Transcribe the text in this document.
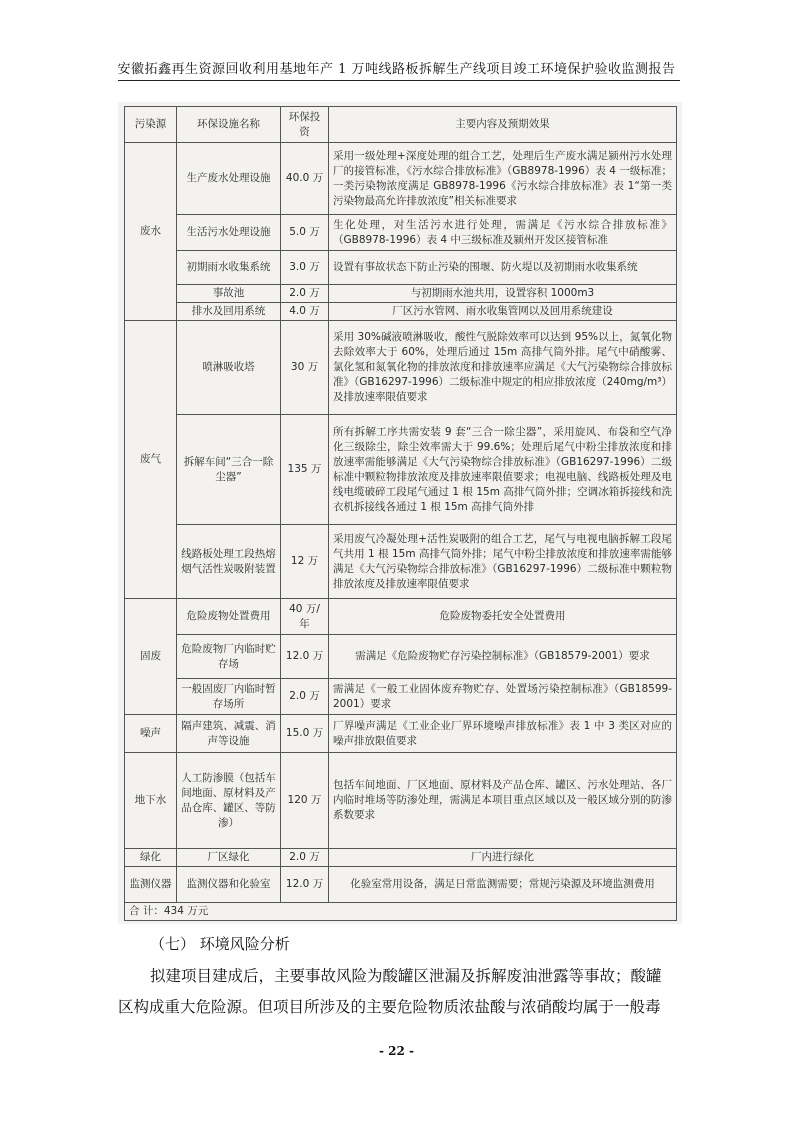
安徽拓鑫再生资源回收利用基地年产 1 万吨线路板拆解生产线项目竣工环境保护验收监测报告
污染源	环保设施名称	环保投资	主要内容及预期效果
废水	生产废水处理设施	40.0 万	采用一级处理+深度处理的组合工艺，处理后生产废水满足颍州污水处理厂的接管标准，《污水综合排放标准》（GB8978-1996）表 4 一级标准；一类污染物浓度满足 GB8978-1996《污水综合排放标准》表 1“第一类污染物最高允许排放浓度”相关标准要求
	生活污水处理设施	5.0 万	生化处理，对生活污水进行处理，需满足《污水综合排放标准》（GB8978-1996）表 4 中三级标准及颍州开发区接管标准
	初期雨水收集系统	3.0 万	设置有事故状态下防止污染的围堰、防火堤以及初期雨水收集系统
	事故池	2.0 万	与初期雨水池共用，设置容积 1000m3
	排水及回用系统	4.0 万	厂区污水管网、雨水收集管网以及回用系统建设
废气	喷淋吸收塔	30 万	采用 30%碱液喷淋吸收，酸性气脱除效率可以达到 95%以上，氮氧化物去除效率大于 60%，处理后通过 15m 高排气筒外排。尾气中硝酸雾、氯化氢和氮氧化物的排放浓度和排放速率应满足《大气污染物综合排放标准》（GB16297-1996）二级标准中规定的相应排放浓度（240mg/m³）及排放速率限值要求
	拆解车间“三合一除尘器”	135 万	所有拆解工序共需安装 9 套“三合一除尘器”，采用旋风、布袋和空气净化三级除尘，除尘效率需大于 99.6%；处理后尾气中粉尘排放浓度和排放速率需能够满足《大气污染物综合排放标准》（GB16297-1996）二级标准中颗粒物排放浓度及排放速率限值要求；电视电脑、线路板处理及电线电缆破碎工段尾气通过 1 根 15m 高排气筒外排；空调冰箱拆接线和洗衣机拆接线各通过 1 根 15m 高排气筒外排
	线路板处理工段热熔烟气活性炭吸附装置	12 万	采用废气冷凝处理+活性炭吸附的组合工艺，尾气与电视电脑拆解工段尾气共用 1 根 15m 高排气筒外排；尾气中粉尘排放浓度和排放速率需能够满足《大气污染物综合排放标准》（GB16297-1996）二级标准中颗粒物排放浓度及排放速率限值要求
固废	危险废物处置费用	40 万/年	危险废物委托安全处置费用
	危险废物厂内临时贮存场	12.0 万	需满足《危险废物贮存污染控制标准》（GB18579-2001）要求
	一般固废厂内临时暂存场所	2.0 万	需满足《一般工业固体废弃物贮存、处置场污染控制标准》（GB18599-2001）要求
噪声	隔声建筑、减震、消声等设施	15.0 万	厂界噪声满足《工业企业厂界环境噪声排放标准》表 1 中 3 类区对应的噪声排放限值要求
地下水	人工防渗膜（包括车间地面、原材料及产品仓库、罐区、等防渗）	120 万	包括车间地面、厂区地面、原材料及产品仓库、罐区、污水处理站、各厂内临时堆场等防渗处理，需满足本项目重点区域以及一般区域分别的防渗系数要求
绿化	厂区绿化	2.0 万	厂内进行绿化
监测仪器	监测仪器和化验室	12.0 万	化验室常用设备，满足日常监测需要；常规污染源及环境监测费用
合 计：434 万元			
（七） 环境风险分析
拟建项目建成后，主要事故风险为酸罐区泄漏及拆解废油泄露等事故；酸罐
区构成重大危险源。但项目所涉及的主要危险物质浓盐酸与浓硝酸均属于一般毒
- 22 -
